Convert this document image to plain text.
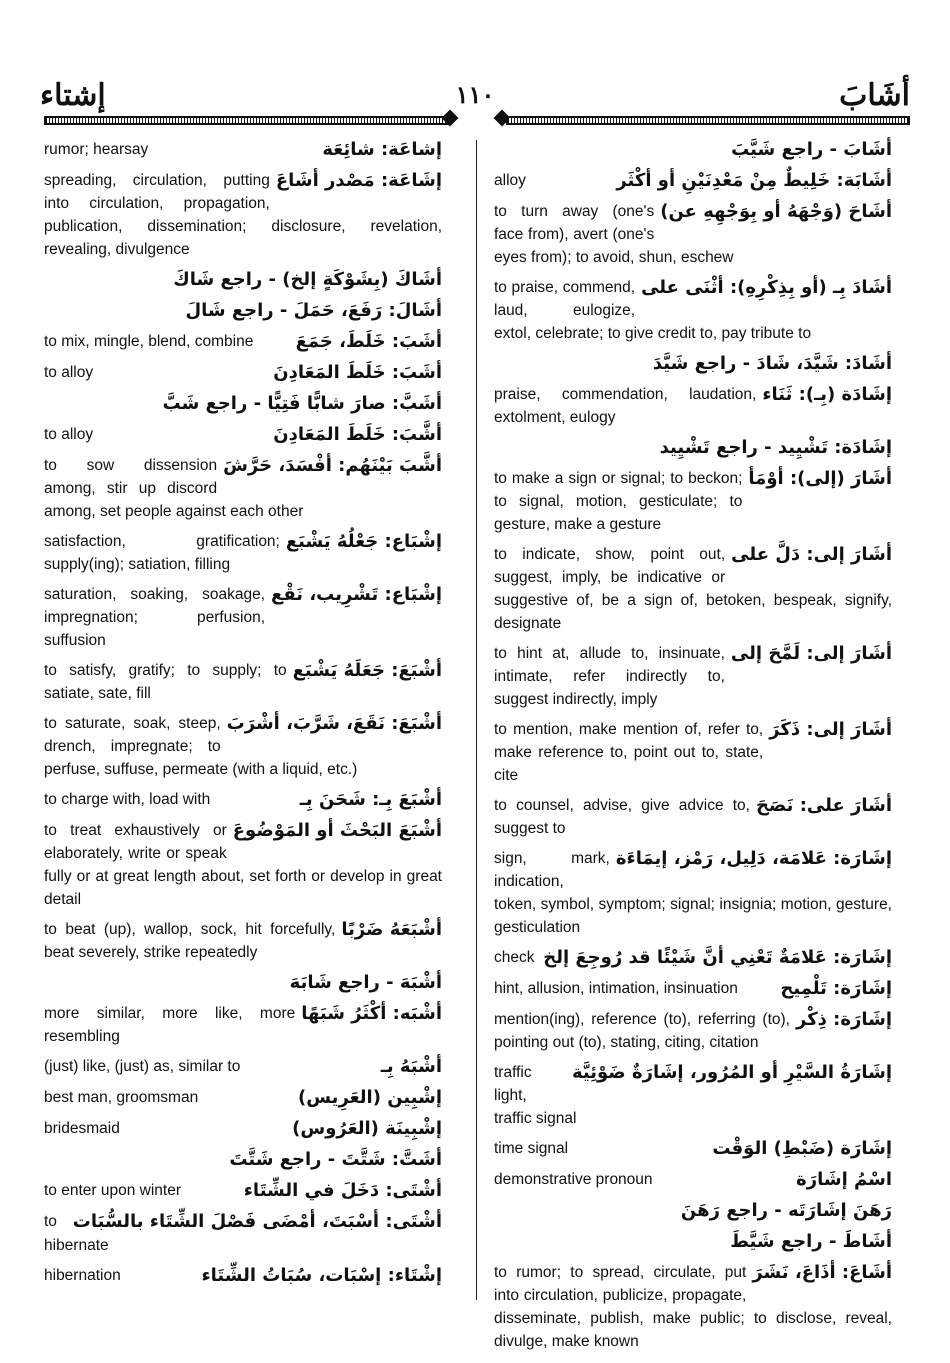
إشتاء	١١٠	أشَابَ
إشاعَة: شائِعَة

rumor; hearsay

إشَاعَة: مَصْدر أشَاعَ

spreading, circulation, putting into circulation, propagation, publication, dissemination; disclosure, revelation, revealing, divulgence

أشَاكَ (بِشَوْكَةٍ إلخ) - راجع شَاكَ
أشَالَ: رَفَعَ، حَمَلَ - راجع شَالَ
أشَبَ: خَلَطَ، جَمَعَ

to mix, mingle, blend, combine

أشَبَ: خَلَطَ المَعَادِنَ

to alloy

أشَبَّ: صارَ شابًّا فَتِيًّا - راجع شَبَّ
أشَّبَ: خَلَطَ المَعَادِنَ

to alloy

أشَّبَ بَيْنَهُم: أفْسَدَ، حَرَّشَ

to sow dissension among, stir up discord among, set people against each other

إشْبَاع: جَعْلُهُ يَشْبَع

satisfaction, gratification; supply(ing); satiation, filling

إشْبَاع: تَشْرِيب، نَقْع

saturation, soaking, soakage, impregnation; perfusion, suffusion

أشْبَعَ: جَعَلَهُ يَشْبَع

to satisfy, gratify; to supply; to satiate, sate, fill

أشْبَعَ: نَقَعَ، شَرَّبَ، أشْرَبَ

to saturate, soak, steep, drench, impregnate; to perfuse, suffuse, permeate (with a liquid, etc.)

أشْبَعَ بِـ: شَحَنَ بِـ

to charge with, load with

أشْبَعَ البَحْثَ أو المَوْضُوعَ

to treat exhaustively or elaborately, write or speak fully or at great length about, set forth or develop in great detail

أشْبَعَهُ ضَرْبًا

to beat (up), wallop, sock, hit forcefully, beat severely, strike repeatedly

أشْبَهَ - راجع شَابَهَ
أشْبَه: أكْثَرُ شَبَهًا

more similar, more like, more resembling

أشْبَهُ بِـ

(just) like, (just) as, similar to

إشْبِين (العَرِيس)

best man, groomsman

إشْبِينَة (العَرُوس)

bridesmaid

أشَتَّ: شَتَّتَ - راجع شَتَّتَ
أشْتَى: دَخَلَ في الشِّتَاء

to enter upon winter

أشْتَى: أسْبَتَ، أمْضَى فَصْلَ الشِّتَاء بالسُّبَات

to hibernate

إشْتَاء: إسْبَات، سُبَاتُ الشِّتَاء

hibernation

أشَابَ - راجع شَيَّبَ
أشَابَة: خَلِيطٌ مِنْ مَعْدِنَيْنِ أو أكْثَر

alloy

أشَاحَ (وَجْهَهُ أو بِوَجْهِهِ عن)

to turn away (one's face from), avert (one's eyes from); to avoid, shun, eschew

أشَادَ بِـ (أو بِذِكْرِهِ): أثْنَى على

to praise, commend, laud, eulogize, extol, celebrate; to give credit to, pay tribute to

أشَادَ: شَيَّدَ، شَادَ - راجع شَيَّدَ
إشَادَة (بِـ): ثَنَاء

praise, commendation, laudation, extolment, eulogy

إشَادَة: تَشْيِيد - راجع تَشْيِيد
أشَارَ (إلى): أوْمَأ

to make a sign or signal; to beckon; to signal, motion, gesticulate; to gesture, make a gesture

أشَارَ إلى: دَلَّ على

to indicate, show, point out, suggest, imply, be indicative or suggestive of, be a sign of, betoken, bespeak, signify, designate

أشَارَ إلى: لَمَّحَ إلى

to hint at, allude to, insinuate, intimate, refer indirectly to, suggest indirectly, imply

أشَارَ إلى: ذَكَرَ

to mention, make mention of, refer to, make reference to, point out to, state, cite

أشَارَ على: نَصَحَ

to counsel, advise, give advice to, suggest to

إشَارَة: عَلامَة، دَلِيل، رَمْز، إيمَاءَة

sign, mark, indication, token, symbol, symptom; signal; insignia; motion, gesture, gesticulation

إشَارَة: عَلامَةٌ تَعْنِي أنَّ شَيْئًا قد رُوجِعَ إلخ

check

إشَارَة: تَلْمِيح

hint, allusion, intimation, insinuation

إشَارَة: ذِكْر

mention(ing), reference (to), referring (to), pointing out (to), stating, citing, citation

إشَارَةُ السَّيْرِ أو المُرُور، إشَارَةٌ ضَوْئِيَّة

traffic light, traffic signal

إشَارَة (ضَبْطِ) الوَقْت

time signal

اسْمُ إشَارَة

demonstrative pronoun

رَهَنَ إشَارَتَه - راجع رَهَنَ
أشَاطَ - راجع شَيَّطَ
أشَاعَ: أذَاعَ، نَشَرَ

to rumor; to spread, circulate, put into circulation, publicize, propagate, disseminate, publish, make public; to disclose, reveal, divulge, make known
